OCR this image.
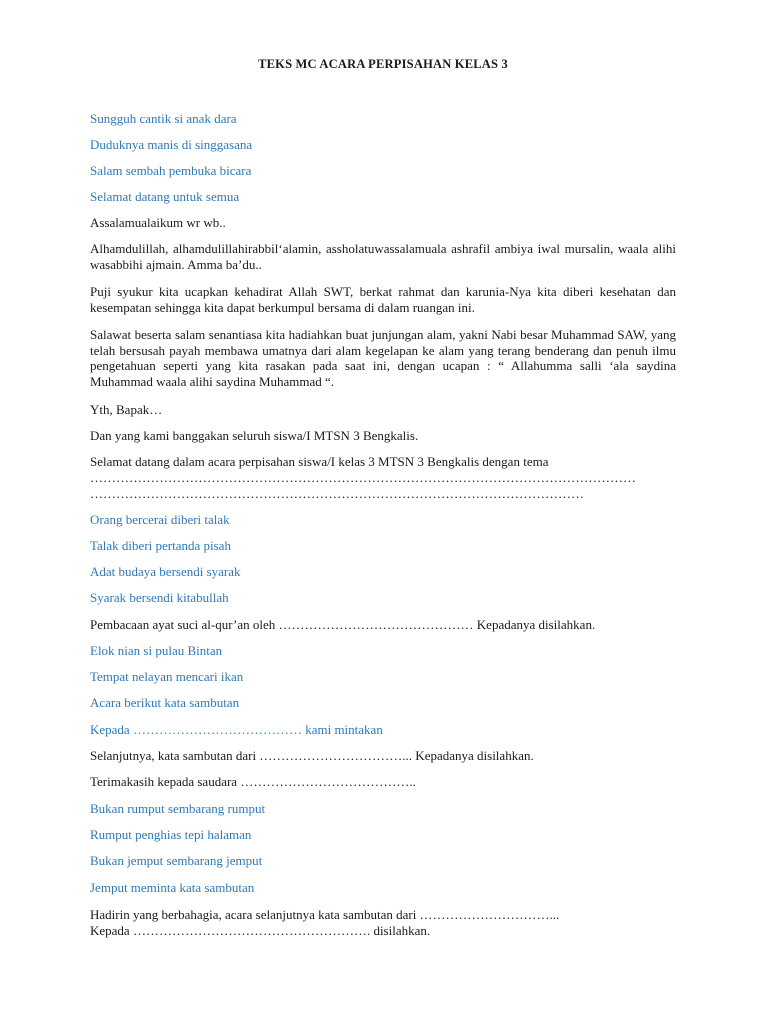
TEKS MC ACARA PERPISAHAN KELAS 3

Sungguh cantik si anak dara

Duduknya manis di singgasana

Salam sembah pembuka bicara

Selamat datang untuk semua

Assalamualaikum wr wb..

Alhamdulillah, alhamdulillahirabbil‘alamin, assholatuwassalamuala ashrafil ambiya iwal mursalin, waala alihi wasabbihi ajmain. Amma ba’du..

Puji syukur kita ucapkan kehadirat Allah SWT, berkat rahmat dan karunia-Nya kita diberi kesehatan dan kesempatan sehingga kita dapat berkumpul bersama di dalam ruangan ini.

Salawat beserta salam senantiasa kita hadiahkan buat junjungan alam, yakni Nabi besar Muhammad SAW, yang telah bersusah payah membawa umatnya dari alam kegelapan ke alam yang terang benderang dan penuh ilmu pengetahuan seperti yang kita rasakan pada saat ini, dengan ucapan : “ Allahumma salli ‘ala saydina Muhammad waala alihi saydina Muhammad “.

Yth, Bapak…

Dan yang kami banggakan seluruh siswa/I MTSN 3 Bengkalis.

Selamat datang dalam acara perpisahan siswa/I kelas 3 MTSN 3 Bengkalis dengan tema

………………………………………………………………………………………………………………
……………………………………………………………………………………………………

Orang bercerai diberi talak

Talak diberi pertanda pisah

Adat budaya bersendi syarak

Syarak bersendi kitabullah

Pembacaan ayat suci al-qur’an oleh ……………………………………… Kepadanya disilahkan.

Elok nian si pulau Bintan

Tempat nelayan mencari ikan

Acara berikut kata sambutan

Kepada ………………………………… kami mintakan

Selanjutnya, kata sambutan dari ……………………………... Kepadanya disilahkan.

Terimakasih kepada saudara …………………………………..

Bukan rumput sembarang rumput

Rumput penghias tepi halaman

Bukan jemput sembarang jemput

Jemput meminta kata sambutan

Hadirin yang berbahagia, acara selanjutnya kata sambutan dari …………………………...

Kepada ………………………………………………. disilahkan.
